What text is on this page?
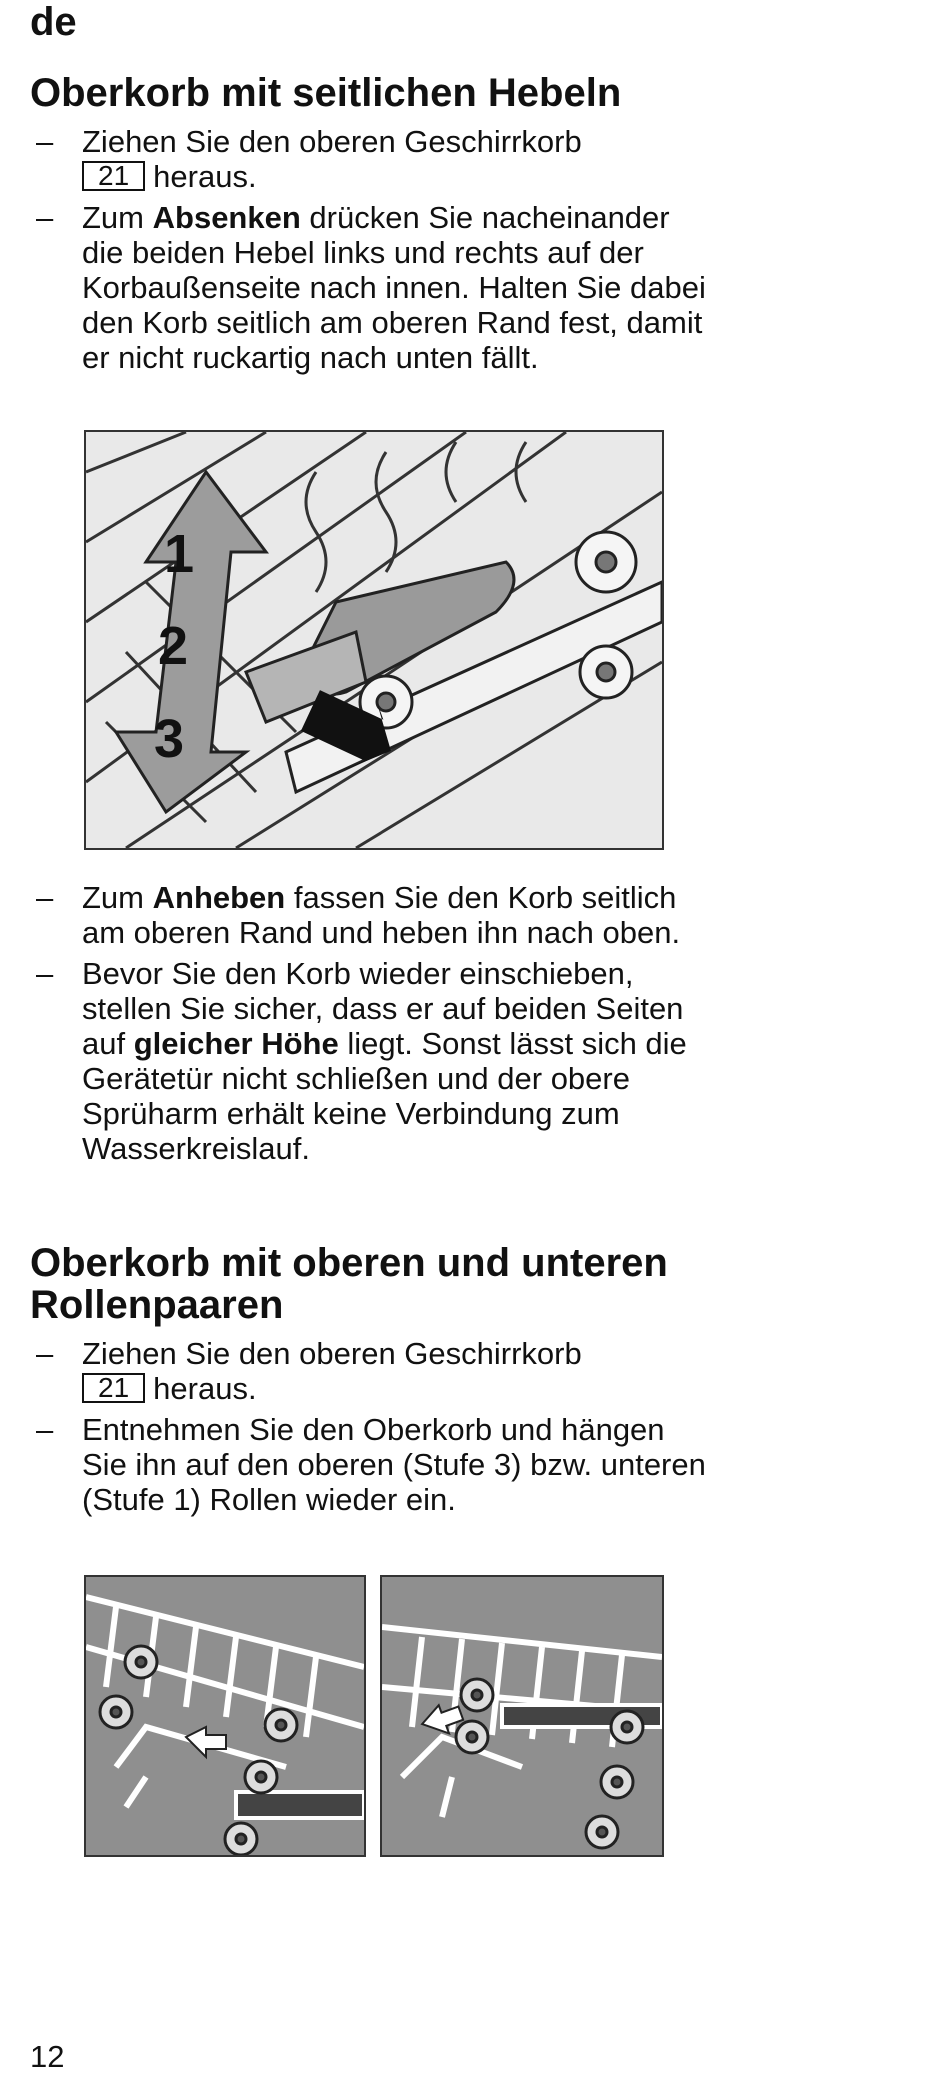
de
Oberkorb mit seitlichen Hebeln
– Ziehen Sie den oberen Geschirrkorb
21 heraus.
– Zum Absenken drücken Sie nacheinander die beiden Hebel links und rechts auf der Korbaußenseite nach innen. Halten Sie dabei den Korb seitlich am oberen Rand fest, damit er nicht ruckartig nach unten fällt.
1
2
3
– Zum Anheben fassen Sie den Korb seitlich am oberen Rand und heben ihn nach oben.
– Bevor Sie den Korb wieder einschieben, stellen Sie sicher, dass er auf beiden Seiten auf gleicher Höhe liegt. Sonst lässt sich die Gerätetür nicht schließen und der obere Sprüharm erhält keine Verbindung zum Wasserkreislauf.
Oberkorb mit oberen und unteren
Rollenpaaren
– Ziehen Sie den oberen Geschirrkorb
21 heraus.
– Entnehmen Sie den Oberkorb und hängen Sie ihn auf den oberen (Stufe 3) bzw. unteren (Stufe 1) Rollen wieder ein.
12
